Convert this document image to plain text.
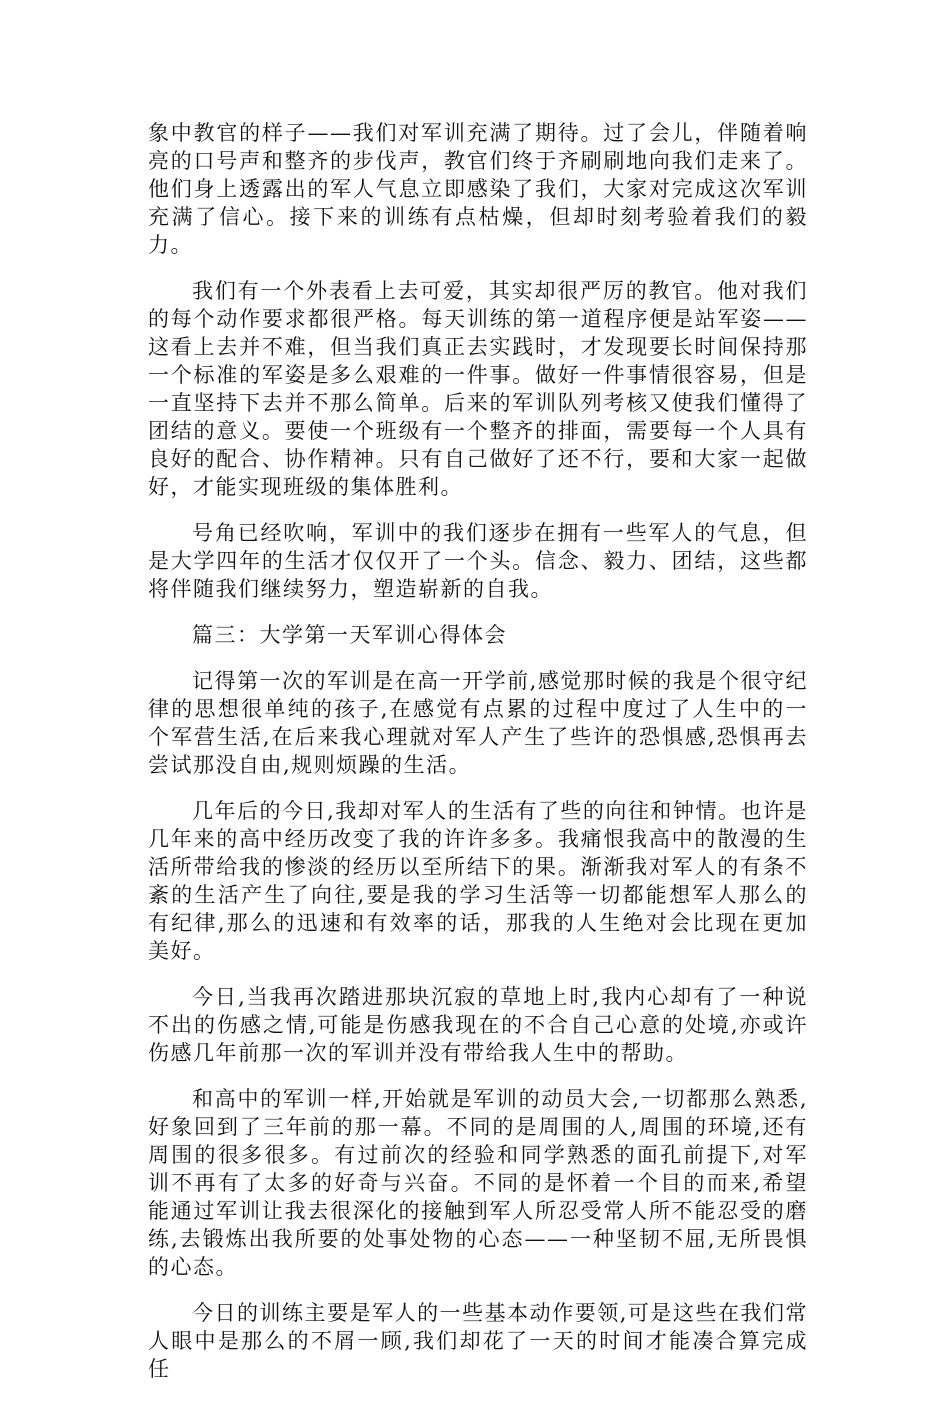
象中教官的样子——我们对军训充满了期待。过了会儿，伴随着响亮的口号声和整齐的步伐声，教官们终于齐刷刷地向我们走来了。他们身上透露出的军人气息立即感染了我们，大家对完成这次军训充满了信心。接下来的训练有点枯燥，但却时刻考验着我们的毅力。

我们有一个外表看上去可爱，其实却很严厉的教官。他对我们的每个动作要求都很严格。每天训练的第一道程序便是站军姿——这看上去并不难，但当我们真正去实践时，才发现要长时间保持那一个标准的军姿是多么艰难的一件事。做好一件事情很容易，但是一直坚持下去并不那么简单。后来的军训队列考核又使我们懂得了团结的意义。要使一个班级有一个整齐的排面，需要每一个人具有良好的配合、协作精神。只有自己做好了还不行，要和大家一起做好，才能实现班级的集体胜利。

号角已经吹响，军训中的我们逐步在拥有一些军人的气息，但是大学四年的生活才仅仅开了一个头。信念、毅力、团结，这些都将伴随我们继续努力，塑造崭新的自我。

篇三：大学第一天军训心得体会

记得第一次的军训是在高一开学前,感觉那时候的我是个很守纪律的思想很单纯的孩子,在感觉有点累的过程中度过了人生中的一个军营生活,在后来我心理就对军人产生了些许的恐惧感,恐惧再去尝试那没自由,规则烦躁的生活。

几年后的今日,我却对军人的生活有了些的向往和钟情。也许是几年来的高中经历改变了我的许许多多。我痛恨我高中的散漫的生活所带给我的惨淡的经历以至所结下的果。渐渐我对军人的有条不紊的生活产生了向往,要是我的学习生活等一切都能想军人那么的有纪律,那么的迅速和有效率的话，那我的人生绝对会比现在更加美好。

今日,当我再次踏进那块沉寂的草地上时,我内心却有了一种说不出的伤感之情,可能是伤感我现在的不合自己心意的处境,亦或许伤感几年前那一次的军训并没有带给我人生中的帮助。

和高中的军训一样,开始就是军训的动员大会,一切都那么熟悉,好象回到了三年前的那一幕。不同的是周围的人,周围的环境,还有周围的很多很多。有过前次的经验和同学熟悉的面孔前提下,对军训不再有了太多的好奇与兴奋。不同的是怀着一个目的而来,希望能通过军训让我去很深化的接触到军人所忍受常人所不能忍受的磨练,去锻炼出我所要的处事处物的心态——一种坚韧不屈,无所畏惧的心态。

今日的训练主要是军人的一些基本动作要领,可是这些在我们常人眼中是那么的不屑一顾,我们却花了一天的时间才能凑合算完成任
